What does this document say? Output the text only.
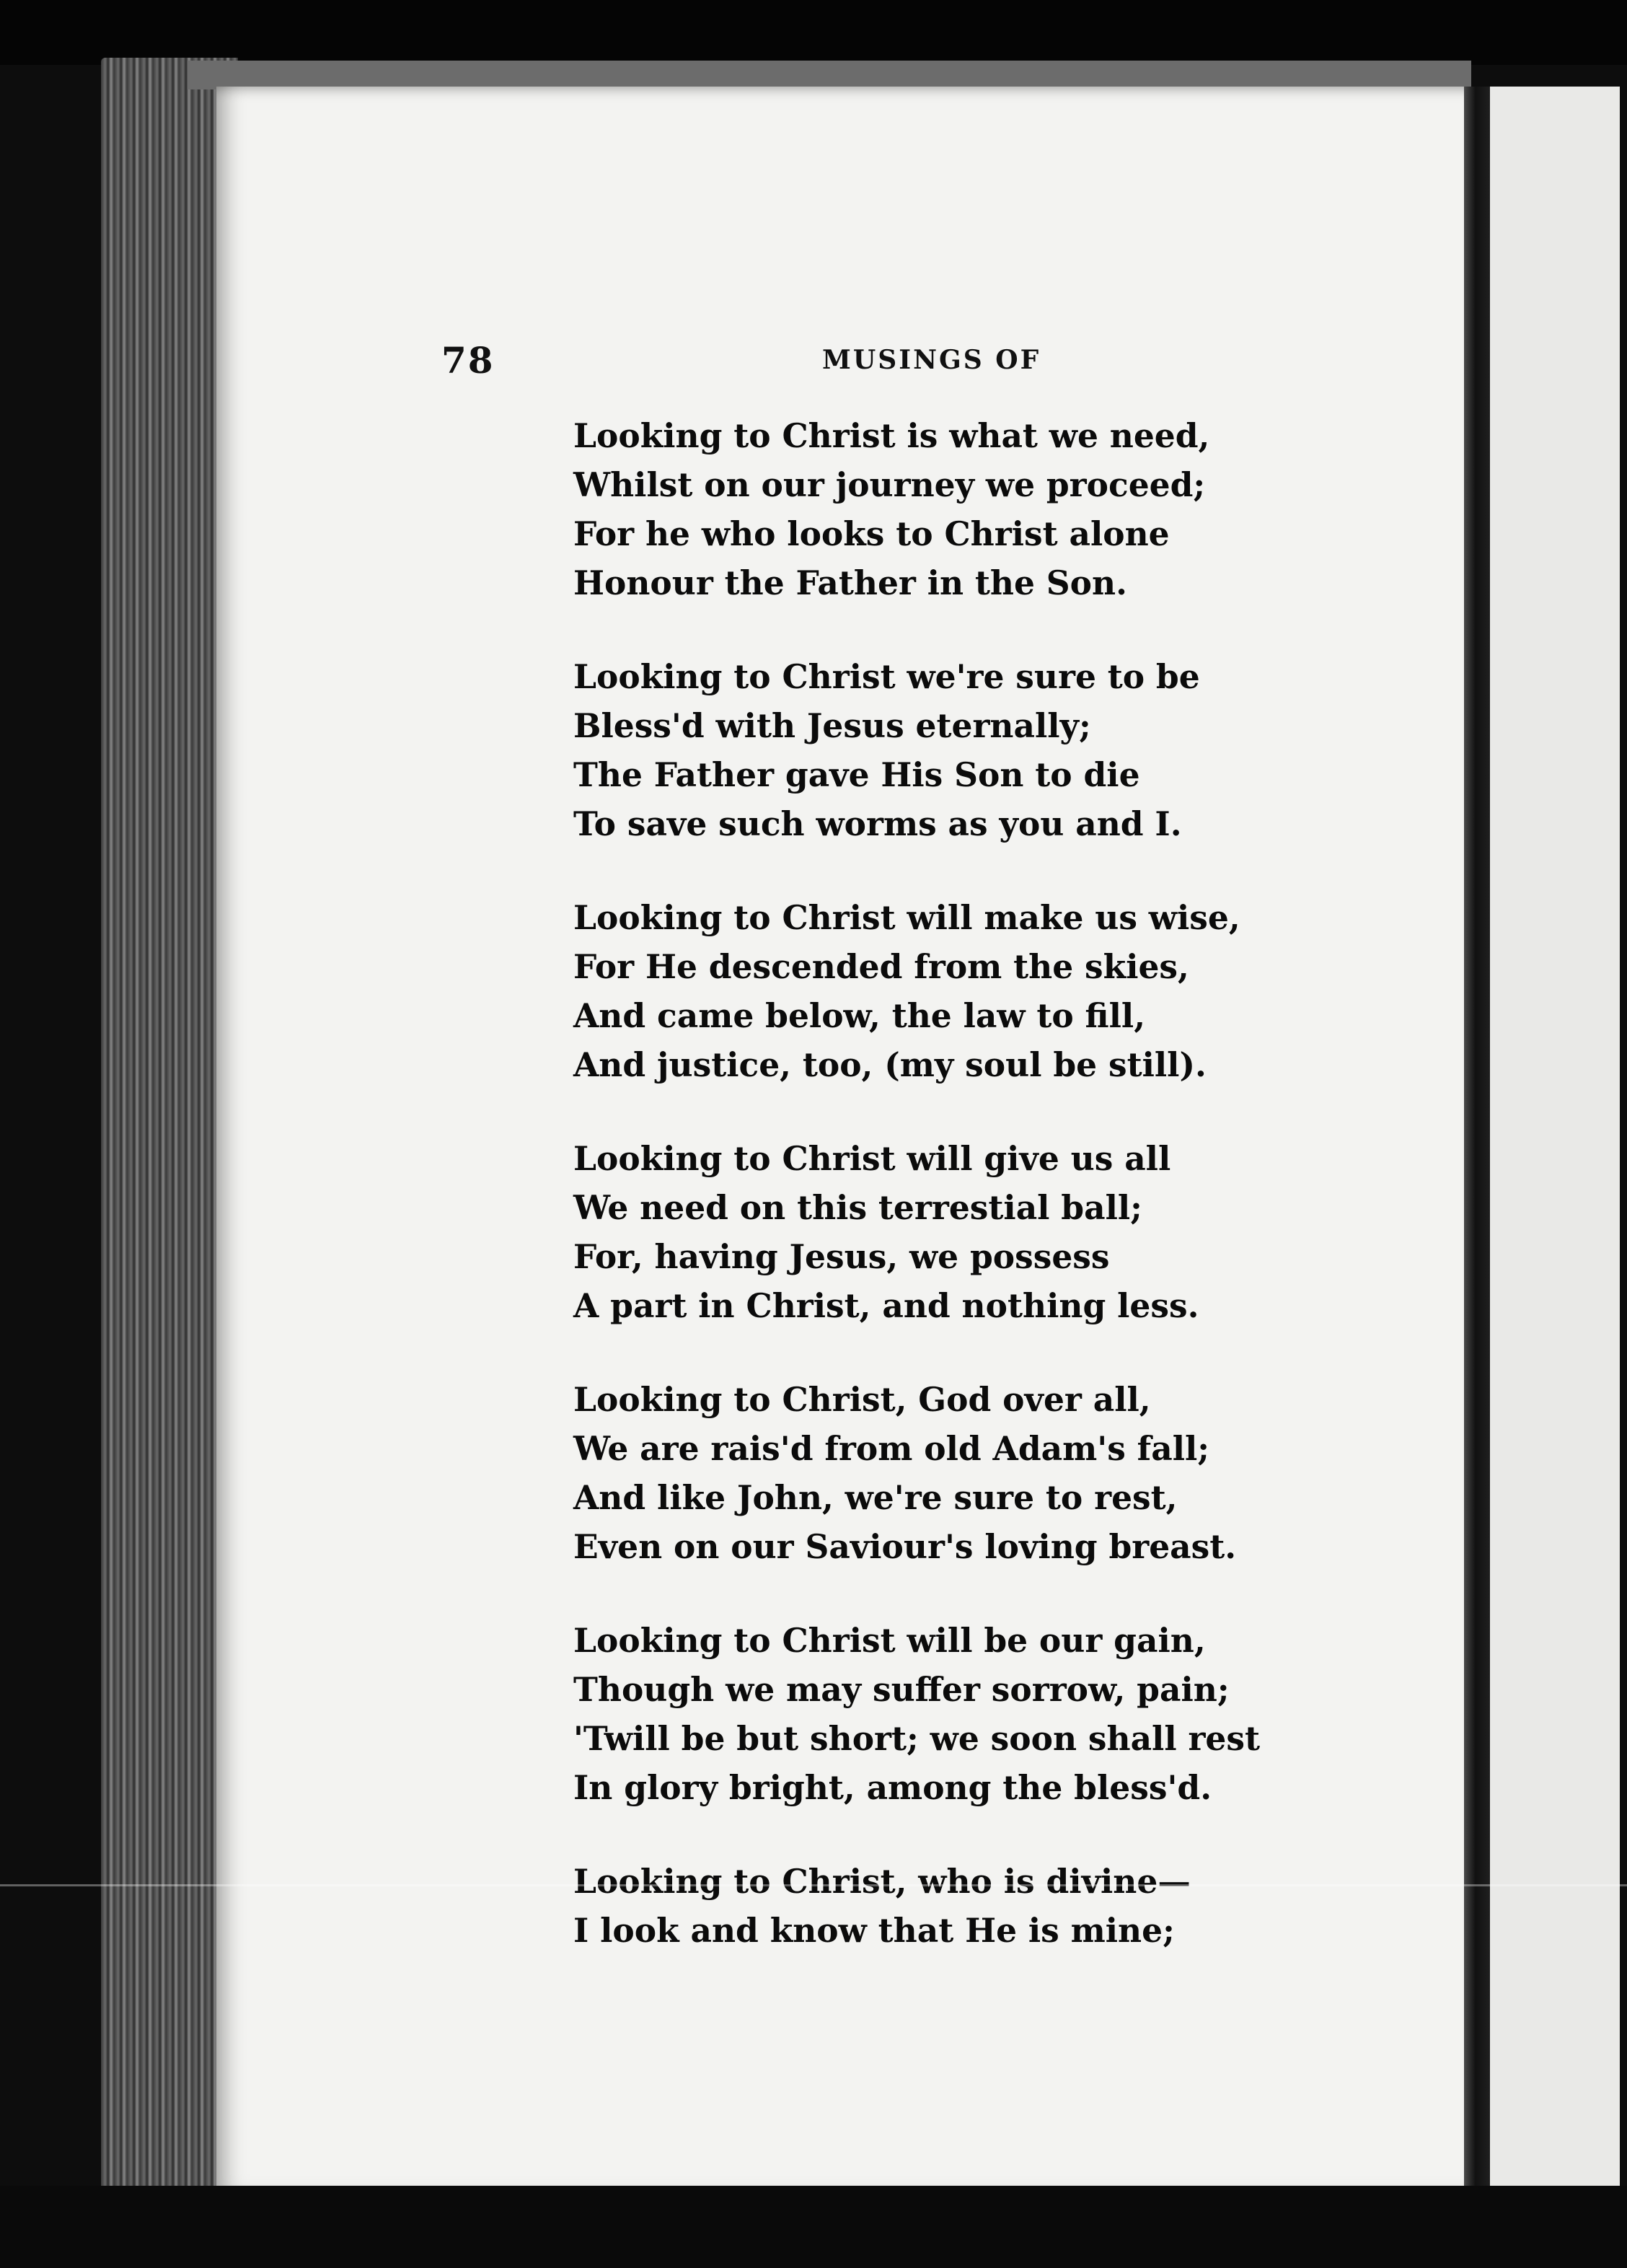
78	MUSINGS OF
Looking to Christ is what we need,
Whilst on our journey we proceed;
For he who looks to Christ alone
Honour the Father in the Son.
Looking to Christ we're sure to be
Bless'd with Jesus eternally;
The Father gave His Son to die
To save such worms as you and I.
Looking to Christ will make us wise,
For He descended from the skies,
And came below, the law to fill,
And justice, too, (my soul be still).
Looking to Christ will give us all
We need on this terrestial ball;
For, having Jesus, we possess
A part in Christ, and nothing less.
Looking to Christ, God over all,
We are rais'd from old Adam's fall;
And like John, we're sure to rest,
Even on our Saviour's loving breast.
Looking to Christ will be our gain,
Though we may suffer sorrow, pain;
'Twill be but short; we soon shall rest
In glory bright, among the bless'd.
Looking to Christ, who is divine—
I look and know that He is mine;
